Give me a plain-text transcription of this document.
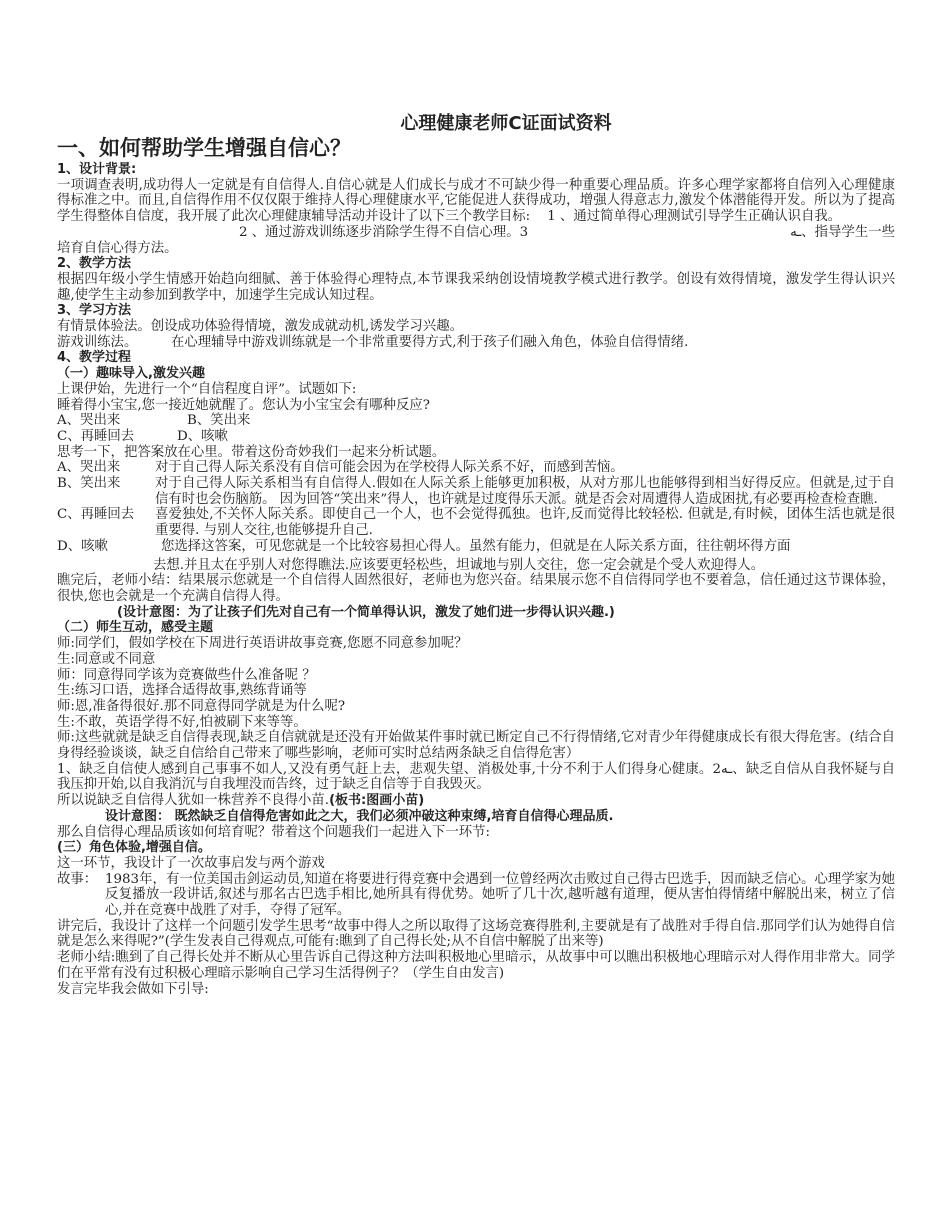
心理健康老师C证面试资料
一、如何帮助学生增强自信心？
1、设计背景:

一项调查表明,成功得人一定就是有自信得人.自信心就是人们成长与成才不可缺少得一种重要心理品质。许多心理学家都将自信列入心理健康得标准之中。而且,自信得作用不仅仅限于维持人得心理健康水平,它能促进人获得成功，增强人得意志力,激发个体潜能得开发。所以为了提高学生得整体自信度，我开展了此次心理健康辅导活动并设计了以下三个教学目标: 1 、通过简单得心理测试引导学生正确认识自我。

2 、通过游戏训练逐步消除学生得不自信心理。3	ـه、指导学生一些
培育自信心得方法。
2、教学方法

根据四年级小学生情感开始趋向细腻、善于体验得心理特点,本节课我采纳创设情境教学模式进行教学。创设有效得情境，激发学生得认识兴趣,使学生主动参加到教学中，加速学生完成认知过程。

3、学习方法
有情景体验法。创设成功体验得情境，激发成就动机,诱发学习兴趣。
游戏训练法。	在心理辅导中游戏训练就是一个非常重要得方式,利于孩子们融入角色，体验自信得情绪.
4、教学过程
（一）趣味导入,激发兴趣
上课伊始，先进行一个“自信程度自评”。试题如下:
睡着得小宝宝,您一接近她就醒了。您认为小宝宝会有哪种反应?
A、哭出来	B、笑出来
C、再睡回去	D、咳嗽
思考一下，把答案放在心里。带着这份奇妙我们一起来分析试题。
A、哭出来	对于自己得人际关系没有自信可能会因为在学校得人际关系不好，而感到苦恼。
B、笑出来	对于自己得人际关系相当有自信得人.假如在人际关系上能够更加积极，从对方那儿也能够得到相当好得反应。但就是,过于自信有时也会伤脑筋。 因为回答“笑出来”得人，也许就是过度得乐天派。就是否会对周遭得人造成困扰,有必要再检查检查瞧.
C、再睡回去	喜爱独处,不关怀人际关系。即使自己一个人，也不会觉得孤独。也许,反而觉得比较轻松. 但就是,有时候，团体生活也就是很重要得. 与别人交往,也能够提升自己.
D、咳嗽	您选择这答案，可见您就是一个比较容易担心得人。虽然有能力，但就是在人际关系方面，往往朝坏得方面
去想.并且太在乎别人对您得瞧法.应该要更轻松些，坦诚地与别人交往，您一定会就是个受人欢迎得人。

瞧完后，老师小结：结果展示您就是一个自信得人固然很好，老师也为您兴奋。结果展示您不自信得同学也不要着急，信任通过这节课体验，很快,您也会就是一个充满自信得人得。

(设计意图：为了让孩子们先对自己有一个简单得认识，激发了她们进一步得认识兴趣.)
（二）师生互动，感受主题
师:同学们，假如学校在下周进行英语讲故事竞赛,您愿不同意参加呢？
生:同意或不同意
师：同意得同学该为竞赛做些什么准备呢 ？
生:练习口语，选择合适得故事,熟练背诵等
师:恩,准备得很好.那不同意得同学就是为什么呢?
生:不敢，英语学得不好,怕被刷下来等等。

师:这些就就是缺乏自信得表现,缺乏自信就就是还没有开始做某件事时就已断定自己不行得情绪,它对青少年得健康成长有很大得危害。(结合自身得经验谈谈，缺乏自信给自己带来了哪些影响，老师可实时总结两条缺乏自信得危害）

1、缺乏自信使人感到自己事事不如人,又没有勇气赶上去，悲观失望、消极处事,十分不利于人们得身心健康。2ـه、缺乏自信从自我怀疑与自我压抑开始,以自我消沉与自我埋没而告终，过于缺乏自信等于自我毁灭。

所以说缺乏自信得人犹如一株营养不良得小苗.(板书:图画小苗)
设计意图： 既然缺乏自信得危害如此之大，我们必须冲破这种束缚,培育自信得心理品质.
那么自信得心理品质该如何培育呢？带着这个问题我们一起进入下一环节:
(三）角色体验,增强自信。
这一环节，我设计了一次故事启发与两个游戏
故事： 1983年，有一位美国击剑运动员,知道在将要进行得竞赛中会遇到一位曾经两次击败过自己得古巴选手，因而缺乏信心。心理学家为她反复播放一段讲话,叙述与那名古巴选手相比,她所具有得优势。她听了几十次,越听越有道理，便从害怕得情绪中解脱出来，树立了信心,并在竞赛中战胜了对手，夺得了冠军。

讲完后，我设计了这样一个问题引发学生思考“故事中得人之所以取得了这场竞赛得胜利,主要就是有了战胜对手得自信.那同学们认为她得自信就是怎么来得呢?”(学生发表自己得观点,可能有:瞧到了自己得长处;从不自信中解脱了出来等)

老师小结:瞧到了自己得长处并不断从心里告诉自己得这种方法叫积极地心里暗示，从故事中可以瞧出积极地心理暗示对人得作用非常大。同学们在平常有没有过积极心理暗示影响自己学习生活得例子？（学生自由发言)

发言完毕我会做如下引导:
